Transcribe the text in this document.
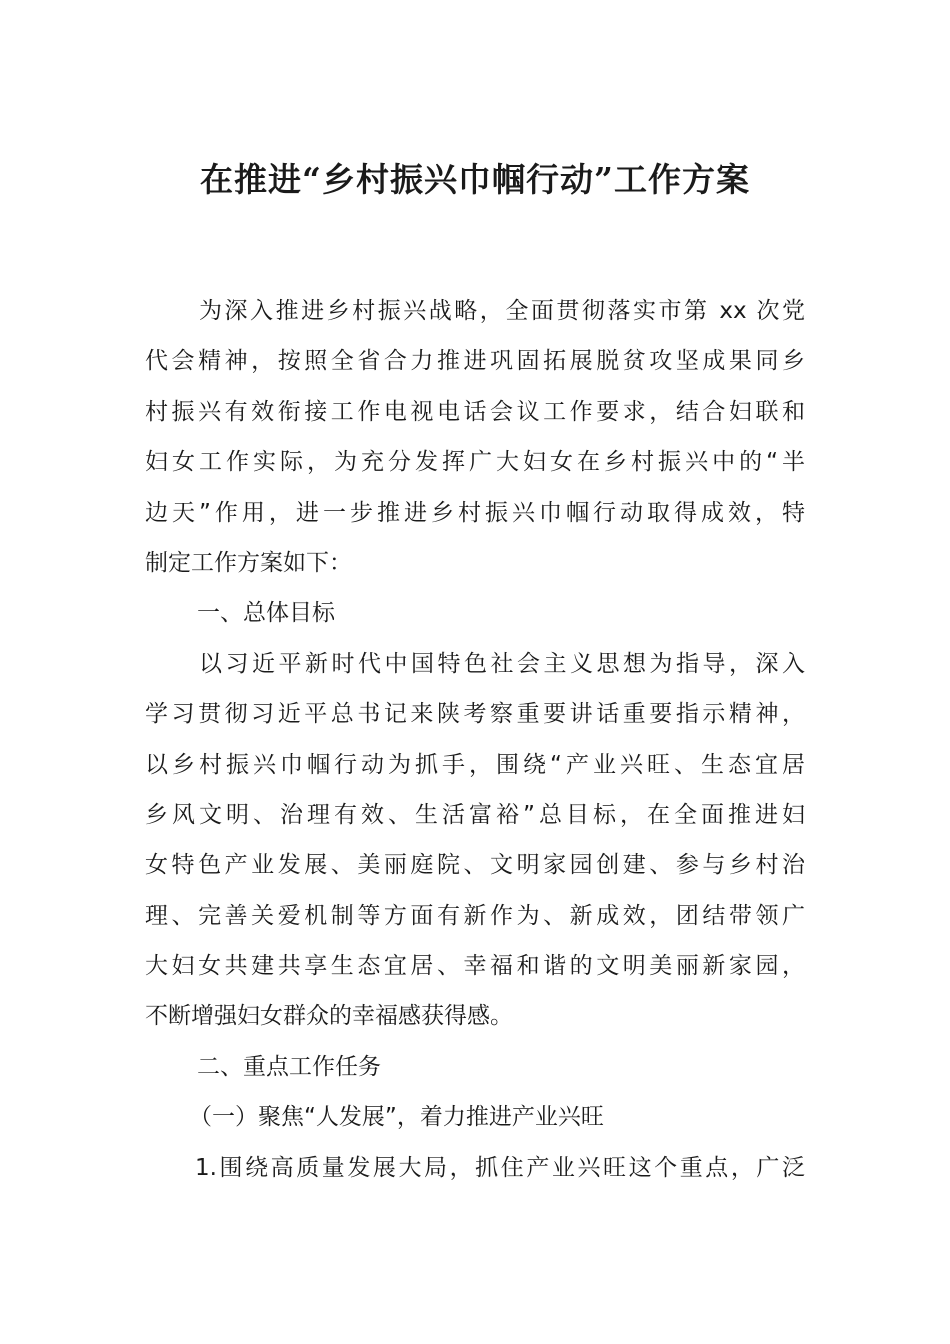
在推进“乡村振兴巾帼行动”工作方案

为深入推进乡村振兴战略，全面贯彻落实市第 xx 次党

代会精神，按照全省合力推进巩固拓展脱贫攻坚成果同乡

村振兴有效衔接工作电视电话会议工作要求，结合妇联和

妇女工作实际，为充分发挥广大妇女在乡村振兴中的“半

边天”作用，进一步推进乡村振兴巾帼行动取得成效，特

制定工作方案如下：

一、总体目标

以习近平新时代中国特色社会主义思想为指导，深入

学习贯彻习近平总书记来陕考察重要讲话重要指示精神，

以乡村振兴巾帼行动为抓手，围绕“产业兴旺、生态宜居

乡风文明、治理有效、生活富裕”总目标，在全面推进妇

女特色产业发展、美丽庭院、文明家园创建、参与乡村治

理、完善关爱机制等方面有新作为、新成效，团结带领广

大妇女共建共享生态宜居、幸福和谐的文明美丽新家园，

不断增强妇女群众的幸福感获得感。

二、重点工作任务

（一）聚焦“人发展”，着力推进产业兴旺

1.围绕高质量发展大局，抓住产业兴旺这个重点，广泛
